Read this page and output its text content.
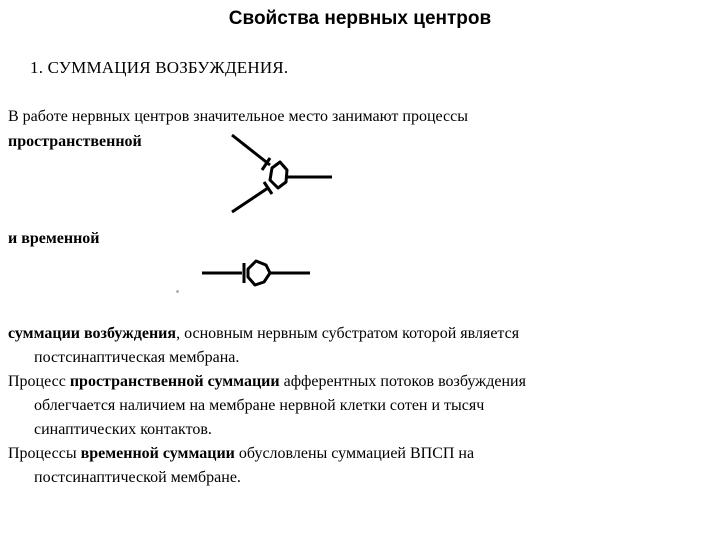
Свойства нервных центров
1. СУММАЦИЯ ВОЗБУЖДЕНИЯ.
В работе нервных центров значительное место занимают процессы
пространственной
и временной
суммации возбуждения, основным нервным субстратом которой является
постсинаптическая мембрана.
Процесс пространственной суммации афферентных потоков возбуждения
облегчается наличием на мембране нервной клетки сотен и тысяч
синаптических контактов.
Процессы временной суммации обусловлены суммацией ВПСП на
постсинаптической мембране.
